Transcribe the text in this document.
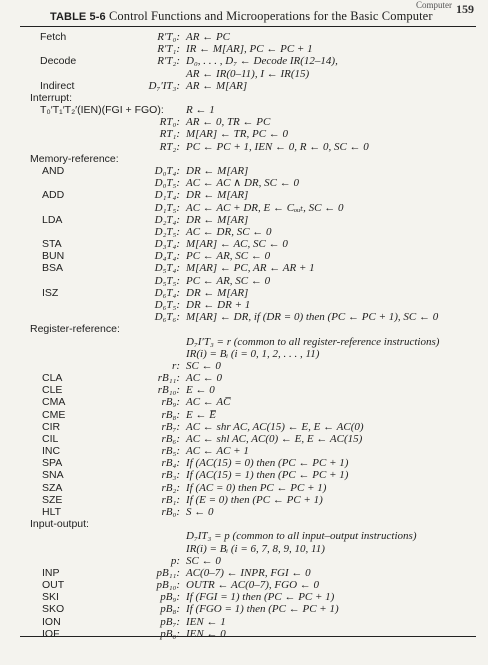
Computer 159
TABLE 5-6 Control Functions and Microoperations for the Basic Computer
Fetch	R′T₀: AR ← PC
R′T₁: IR ← M[AR], PC ← PC + 1
Decode	R′T₂: D₀, . . . , D₇ ← Decode IR(12–14),
AR ← IR(0–11), I ← IR(15)
Indirect	D₇′IT₃: AR ← M[AR]
Interrupt:
T₀′T₁′T₂′(IEN)(FGI + FGO): R ← 1
RT₀: AR ← 0, TR ← PC
RT₁: M[AR] ← TR, PC ← 0
RT₂: PC ← PC + 1, IEN ← 0, R ← 0, SC ← 0
Memory-reference:
AND	D₀T₄: DR ← M[AR]
D₀T₅: AC ← AC ∧ DR, SC ← 0
ADD	D₁T₄: DR ← M[AR]
D₁T₅: AC ← AC + DR, E ← Cₒᵤₜ, SC ← 0
LDA	D₂T₄: DR ← M[AR]
D₂T₅: AC ← DR, SC ← 0
STA	D₃T₄: M[AR] ← AC, SC ← 0
BUN	D₄T₄: PC ← AR, SC ← 0
BSA	D₅T₄: M[AR] ← PC, AR ← AR + 1
D₅T₅: PC ← AR, SC ← 0
ISZ	D₆T₄: DR ← M[AR]
D₆T₅: DR ← DR + 1
D₆T₆: M[AR] ← DR, if (DR = 0) then (PC ← PC + 1), SC ← 0
Register-reference:
D₇I′T₃ = r (common to all register-reference instructions)
IR(i) = Bᵢ (i = 0, 1, 2, . . . , 11)
r: SC ← 0
CLA	rB₁₁: AC ← 0
CLE	rB₁₀: E ← 0
CMA	rB₉: AC ← AC̅
CME	rB₈: E ← E̅
CIR	rB₇: AC ← shr AC, AC(15) ← E, E ← AC(0)
CIL	rB₆: AC ← shl AC, AC(0) ← E, E ← AC(15)
INC	rB₅: AC ← AC + 1
SPA	rB₄: If (AC(15) = 0) then (PC ← PC + 1)
SNA	rB₃: If (AC(15) = 1) then (PC ← PC + 1)
SZA	rB₂: If (AC = 0) then PC ← PC + 1)
SZE	rB₁: If (E = 0) then (PC ← PC + 1)
HLT	rB₀: S ← 0
Input-output:
D₇IT₃ = p (common to all input–output instructions)
IR(i) = Bᵢ (i = 6, 7, 8, 9, 10, 11)
p: SC ← 0
INP	pB₁₁: AC(0–7) ← INPR, FGI ← 0
OUT	pB₁₀: OUTR ← AC(0–7), FGO ← 0
SKI	pB₉: If (FGI = 1) then (PC ← PC + 1)
SKO	pB₈: If (FGO = 1) then (PC ← PC + 1)
ION	pB₇: IEN ← 1
IOF	pB₆: IEN ← 0
